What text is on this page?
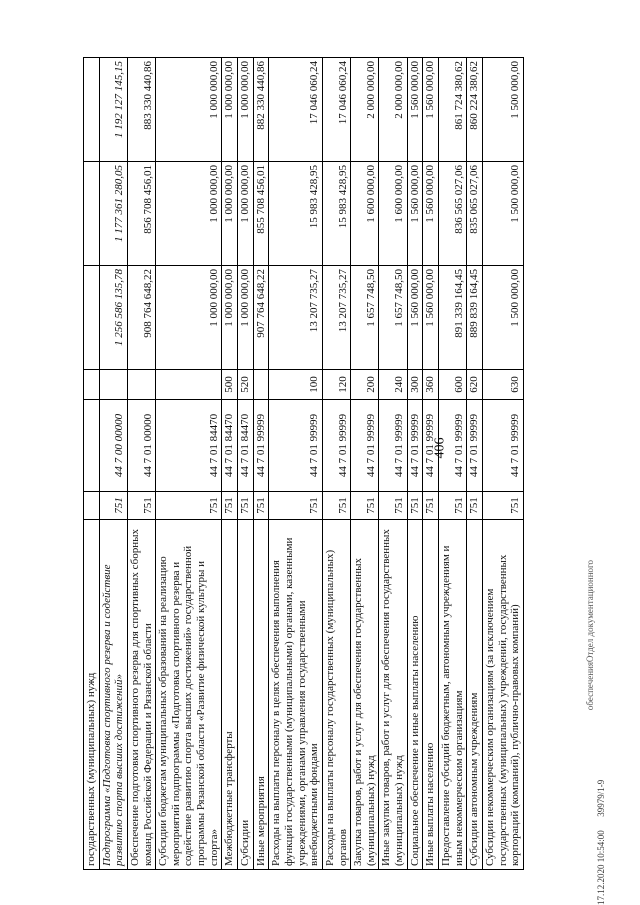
406
государственных (муниципальных) нужд						
Подпрограмма «Подготовка спортивного резерва и содействие развитию спорта высших достижений»	751	44 7 00 00000		1 256 586 135,78	1 177 361 280,05	1 192 127 145,15
Обеспечение подготовки спортивного резерва для спортивных сборных команд Российской Федерации и Рязанской области	751	44 7 01 00000		908 764 648,22	856 708 456,01	883 330 440,86
Субсидии бюджетам муниципальных образований на реализацию мероприятий подпрограммы «Подготовка спортивного резерва и содействие развитию спорта высших достижений» государственной программы Рязанской области «Развитие физической культуры и спорта»	751	44 7 01 84470		1 000 000,00	1 000 000,00	1 000 000,00
Межбюджетные трансферты	751	44 7 01 84470	500	1 000 000,00	1 000 000,00	1 000 000,00
Субсидии	751	44 7 01 84470	520	1 000 000,00	1 000 000,00	1 000 000,00
Иные мероприятия	751	44 7 01 99999		907 764 648,22	855 708 456,01	882 330 440,86
Расходы на выплаты персоналу в целях обеспечения выполнения функций государственными (муниципальными) органами, казенными учреждениями, органами управления государственными внебюджетными фондами	751	44 7 01 99999	100	13 207 735,27	15 983 428,95	17 046 060,24
Расходы на выплаты персоналу государственных (муниципальных) органов	751	44 7 01 99999	120	13 207 735,27	15 983 428,95	17 046 060,24
Закупка товаров, работ и услуг для обеспечения государственных (муниципальных) нужд	751	44 7 01 99999	200	1 657 748,50	1 600 000,00	2 000 000,00
Иные закупки товаров, работ и услуг для обеспечения государственных (муниципальных) нужд	751	44 7 01 99999	240	1 657 748,50	1 600 000,00	2 000 000,00
Социальное обеспечение и иные выплаты населению	751	44 7 01 99999	300	1 560 000,00	1 560 000,00	1 560 000,00
Иные выплаты населению	751	44 7 01 99999	360	1 560 000,00	1 560 000,00	1 560 000,00
Предоставление субсидий бюджетным, автономным учреждениям и иным некоммерческим организациям	751	44 7 01 99999	600	891 339 164,45	836 565 027,06	861 724 380,62
Субсидии автономным учреждениям	751	44 7 01 99999	620	889 839 164,45	835 065 027,06	860 224 380,62
Субсидии некоммерческим организациям (за исключением государственных (муниципальных) учреждений, государственных корпораций (компаний), публично-правовых компаний)	751	44 7 01 99999	630	1 500 000,00	1 500 000,00	1 500 000,00
Отдел документационного
обеспечения
17.12.2020 10:54:00      39979/1-9
